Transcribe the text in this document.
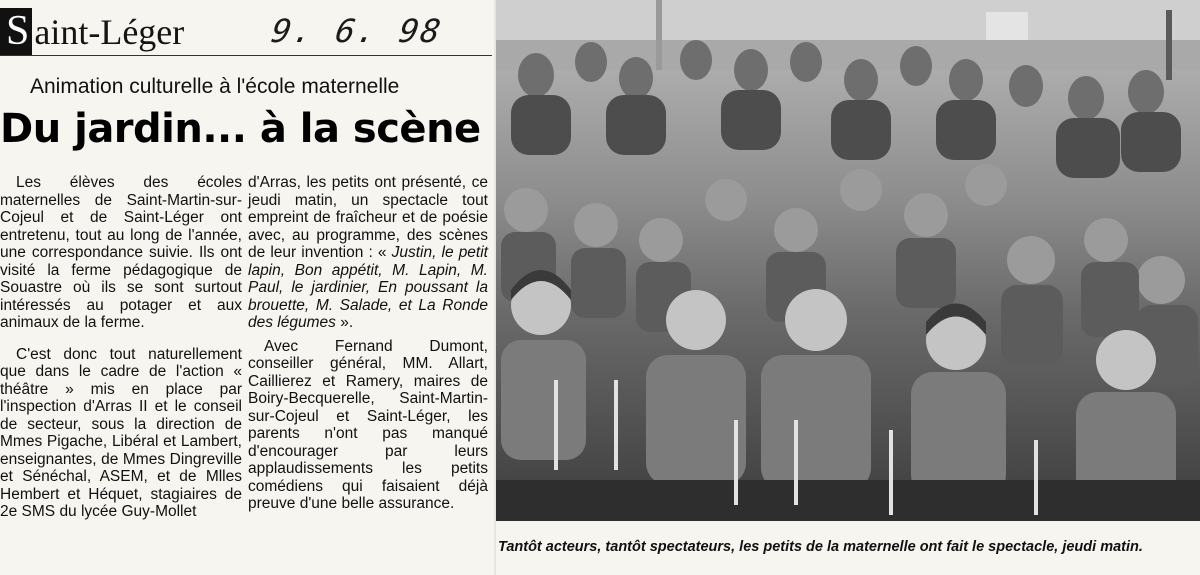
S aint-Léger	9. 6. 98
Animation culturelle à l'école maternelle
Du jardin... à la scène

Les élèves des écoles maternelles de Saint-Martin-sur-Cojeul et de Saint-Léger ont entretenu, tout au long de l'année, une correspondance suivie. Ils ont visité la ferme pédagogique de Souastre où ils se sont surtout intéressés au potager et aux animaux de la ferme.

C'est donc tout naturellement que dans le cadre de l'action « théâtre » mis en place par l'inspection d'Arras II et le conseil de secteur, sous la direction de Mmes Pigache, Libéral et Lambert, enseignantes, de Mmes Dingreville et Sénéchal, ASEM, et de Mlles Hembert et Héquet, stagiaires de 2e SMS du lycée Guy-Mollet

d'Arras, les petits ont présenté, ce jeudi matin, un spectacle tout empreint de fraîcheur et de poésie avec, au programme, des scènes de leur invention : « Justin, le petit lapin, Bon appétit, M. Lapin, M. Paul, le jardinier, En poussant la brouette, M. Salade, et La Ronde des légumes ».

Avec Fernand Dumont, conseiller général, MM. Allart, Caillierez et Ramery, maires de Boiry-Becquerelle, Saint-Martin-sur-Cojeul et Saint-Léger, les parents n'ont pas manqué d'encourager par leurs applaudissements les petits comédiens qui faisaient déjà preuve d'une belle assurance.

Tantôt acteurs, tantôt spectateurs, les petits de la maternelle ont fait le spectacle, jeudi matin.
